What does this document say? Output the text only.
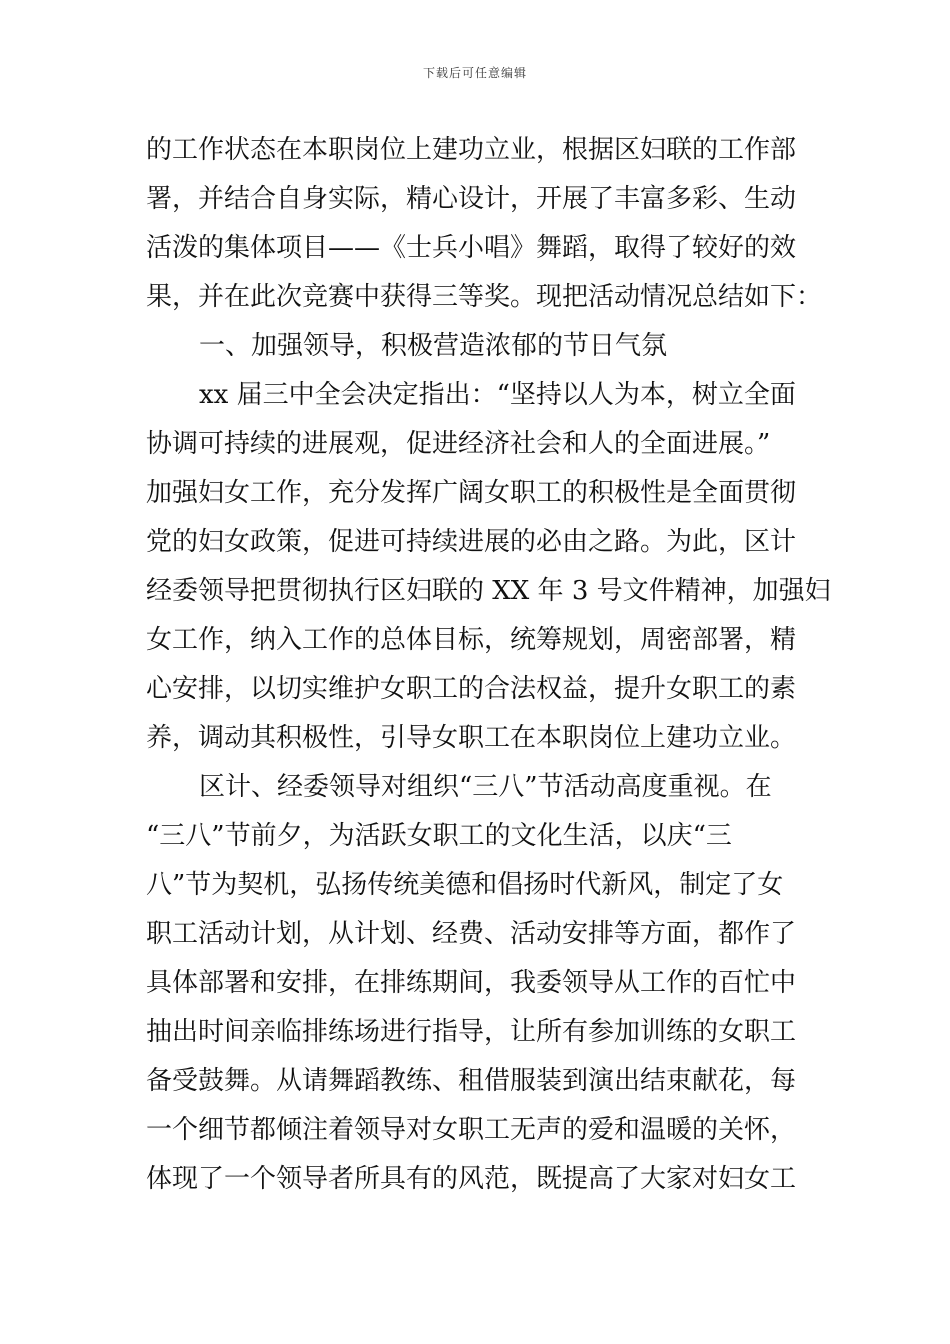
下载后可任意编辑
的工作状态在本职岗位上建功立业，根据区妇联的工作部
署，并结合自身实际，精心设计，开展了丰富多彩、生动
活泼的集体项目——《士兵小唱》舞蹈，取得了较好的效
果，并在此次竞赛中获得三等奖。现把活动情况总结如下：
一、加强领导，积极营造浓郁的节日气氛
xx 届三中全会决定指出：“坚持以人为本，树立全面
协调可持续的进展观，促进经济社会和人的全面进展。”
加强妇女工作，充分发挥广阔女职工的积极性是全面贯彻
党的妇女政策，促进可持续进展的必由之路。为此，区计
经委领导把贯彻执行区妇联的 XX 年 3 号文件精神，加强妇
女工作，纳入工作的总体目标，统筹规划，周密部署，精
心安排，以切实维护女职工的合法权益，提升女职工的素
养，调动其积极性，引导女职工在本职岗位上建功立业。
区计、经委领导对组织“三八”节活动高度重视。在
“三八”节前夕，为活跃女职工的文化生活，以庆“三
八”节为契机，弘扬传统美德和倡扬时代新风，制定了女
职工活动计划，从计划、经费、活动安排等方面，都作了
具体部署和安排，在排练期间，我委领导从工作的百忙中
抽出时间亲临排练场进行指导，让所有参加训练的女职工
备受鼓舞。从请舞蹈教练、租借服装到演出结束献花，每
一个细节都倾注着领导对女职工无声的爱和温暖的关怀，
体现了一个领导者所具有的风范，既提高了大家对妇女工
